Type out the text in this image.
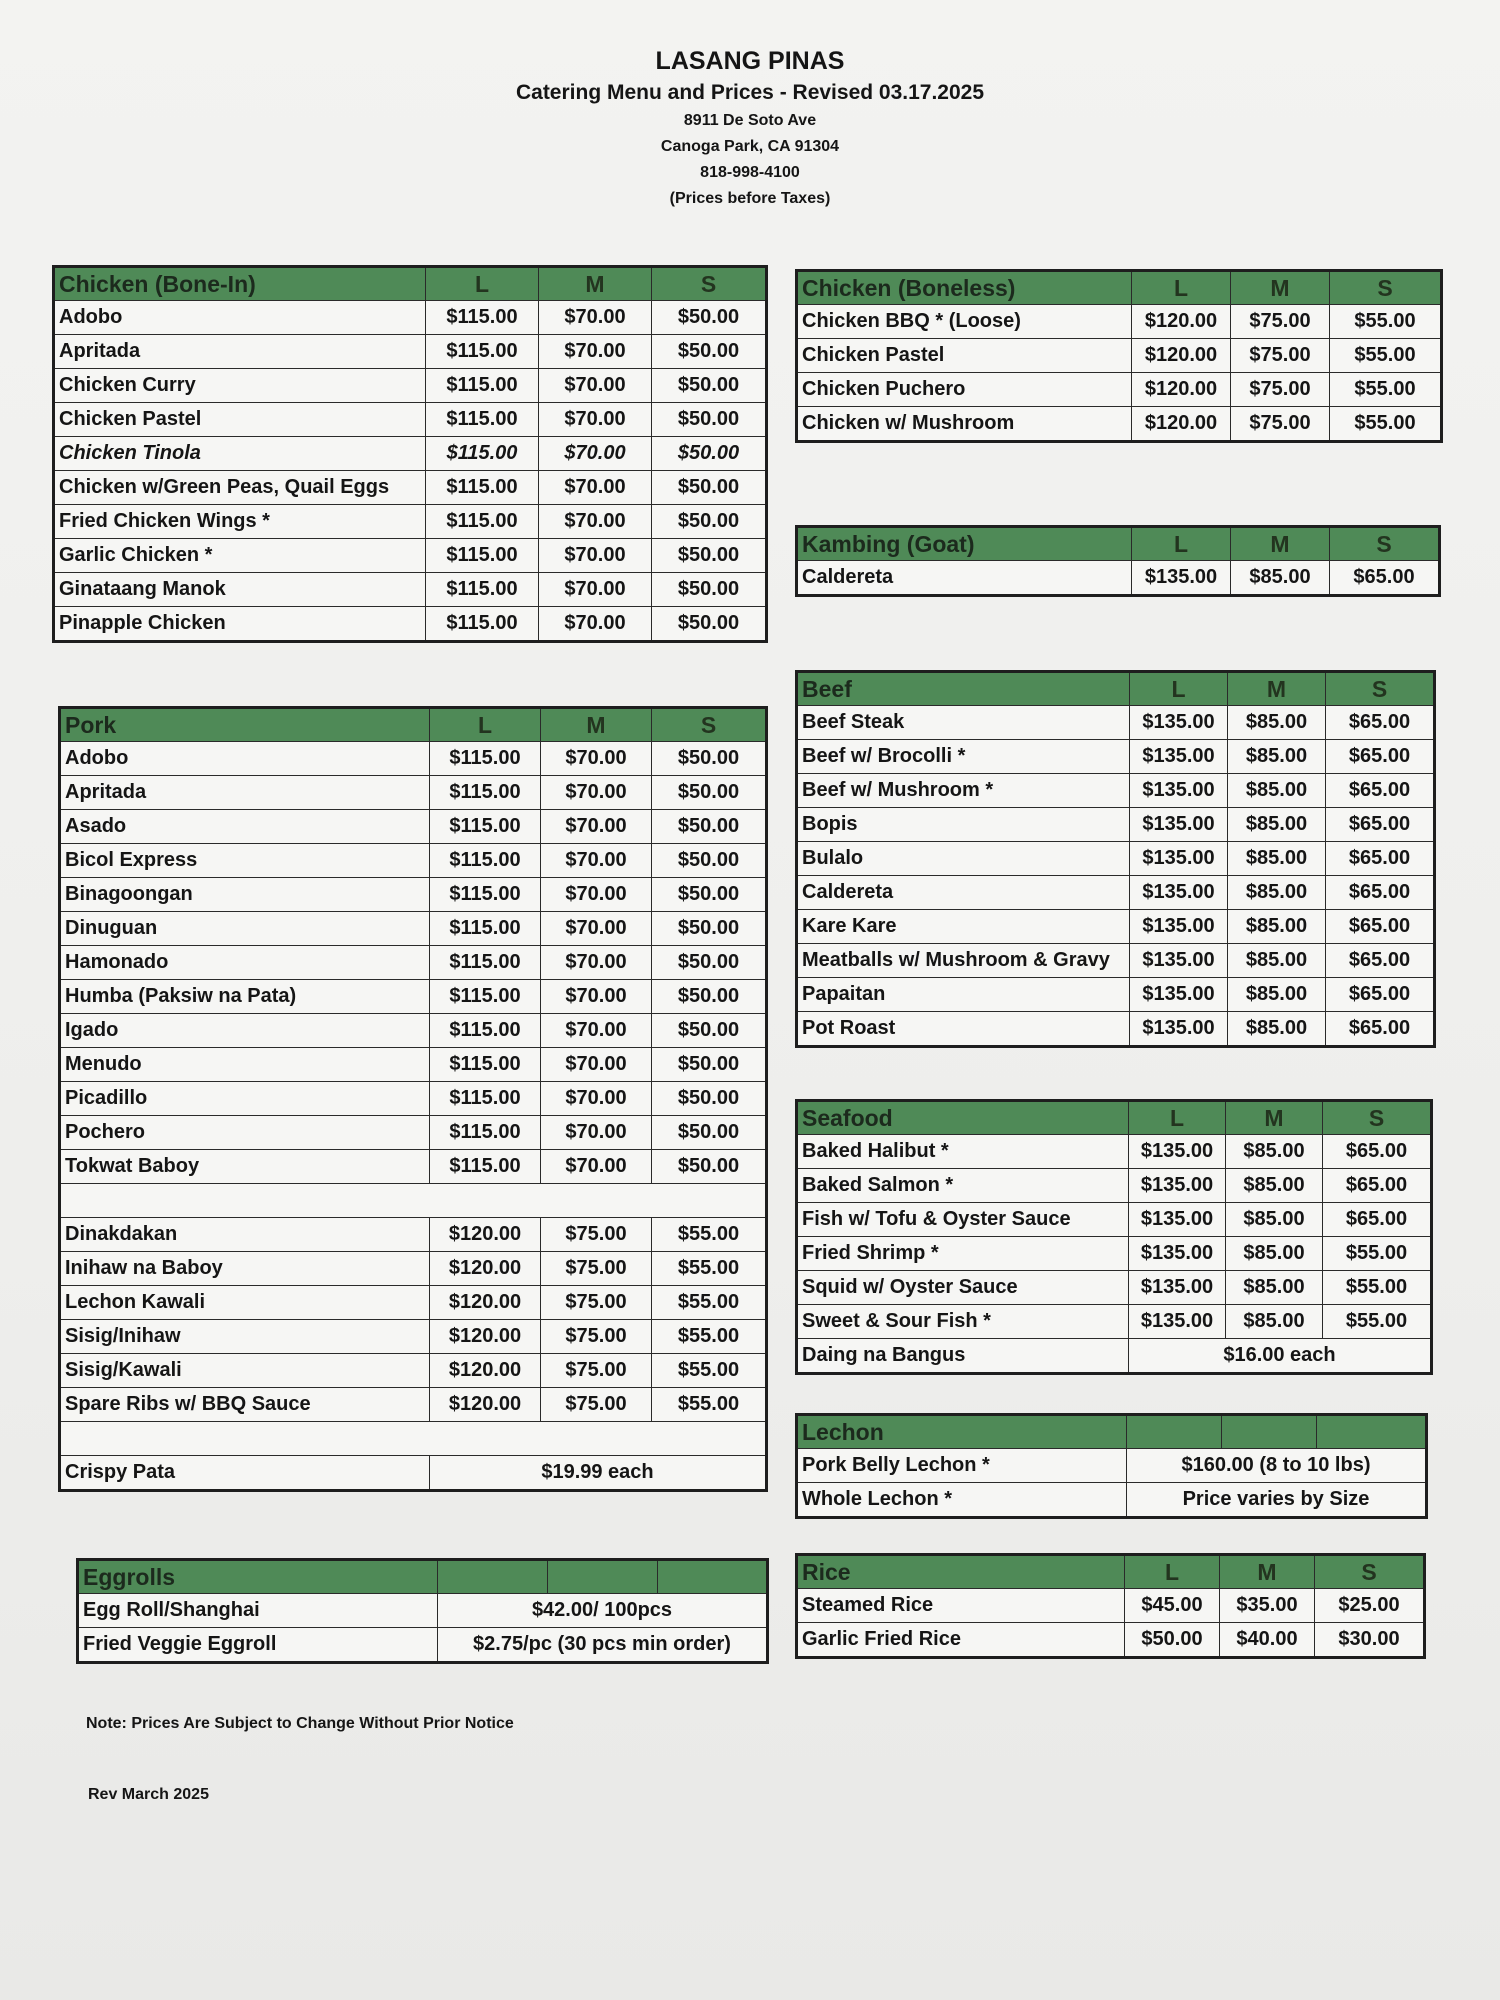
LASANG PINAS
Catering Menu and Prices - Revised 03.17.2025
8911 De Soto Ave
Canoga Park, CA 91304
818-998-4100
(Prices before Taxes)
Chicken (Bone-In)	L	M	S
Adobo	$115.00	$70.00	$50.00
Apritada	$115.00	$70.00	$50.00
Chicken Curry	$115.00	$70.00	$50.00
Chicken Pastel	$115.00	$70.00	$50.00
Chicken Tinola	$115.00	$70.00	$50.00
Chicken w/Green Peas, Quail Eggs	$115.00	$70.00	$50.00
Fried Chicken Wings *	$115.00	$70.00	$50.00
Garlic Chicken *	$115.00	$70.00	$50.00
Ginataang Manok	$115.00	$70.00	$50.00
Pinapple Chicken	$115.00	$70.00	$50.00
Pork	L	M	S
Adobo	$115.00	$70.00	$50.00
Apritada	$115.00	$70.00	$50.00
Asado	$115.00	$70.00	$50.00
Bicol Express	$115.00	$70.00	$50.00
Binagoongan	$115.00	$70.00	$50.00
Dinuguan	$115.00	$70.00	$50.00
Hamonado	$115.00	$70.00	$50.00
Humba (Paksiw na Pata)	$115.00	$70.00	$50.00
Igado	$115.00	$70.00	$50.00
Menudo	$115.00	$70.00	$50.00
Picadillo	$115.00	$70.00	$50.00
Pochero	$115.00	$70.00	$50.00
Tokwat Baboy	$115.00	$70.00	$50.00

Dinakdakan	$120.00	$75.00	$55.00
Inihaw na Baboy	$120.00	$75.00	$55.00
Lechon Kawali	$120.00	$75.00	$55.00
Sisig/Inihaw	$120.00	$75.00	$55.00
Sisig/Kawali	$120.00	$75.00	$55.00
Spare Ribs w/ BBQ Sauce	$120.00	$75.00	$55.00

Crispy Pata	$19.99 each		
Eggrolls			
Egg Roll/Shanghai	$42.00/ 100pcs		
Fried Veggie Eggroll	$2.75/pc (30 pcs min order)		
Chicken (Boneless)	L	M	S
Chicken BBQ * (Loose)	$120.00	$75.00	$55.00
Chicken Pastel	$120.00	$75.00	$55.00
Chicken Puchero	$120.00	$75.00	$55.00
Chicken w/ Mushroom	$120.00	$75.00	$55.00
Kambing (Goat)	L	M	S
Caldereta	$135.00	$85.00	$65.00
Beef	L	M	S
Beef Steak	$135.00	$85.00	$65.00
Beef w/ Brocolli *	$135.00	$85.00	$65.00
Beef w/ Mushroom *	$135.00	$85.00	$65.00
Bopis	$135.00	$85.00	$65.00
Bulalo	$135.00	$85.00	$65.00
Caldereta	$135.00	$85.00	$65.00
Kare Kare	$135.00	$85.00	$65.00
Meatballs w/ Mushroom & Gravy	$135.00	$85.00	$65.00
Papaitan	$135.00	$85.00	$65.00
Pot Roast	$135.00	$85.00	$65.00
Seafood	L	M	S
Baked Halibut *	$135.00	$85.00	$65.00
Baked Salmon *	$135.00	$85.00	$65.00
Fish w/ Tofu & Oyster Sauce	$135.00	$85.00	$65.00
Fried Shrimp *	$135.00	$85.00	$55.00
Squid w/ Oyster Sauce	$135.00	$85.00	$55.00
Sweet & Sour Fish *	$135.00	$85.00	$55.00
Daing na Bangus	$16.00 each		
Lechon			
Pork Belly Lechon *	$160.00 (8 to 10 lbs)		
Whole Lechon *	Price varies by Size		
Rice	L	M	S
Steamed Rice	$45.00	$35.00	$25.00
Garlic Fried Rice	$50.00	$40.00	$30.00
Note: Prices Are Subject to Change Without Prior Notice
Rev March 2025
